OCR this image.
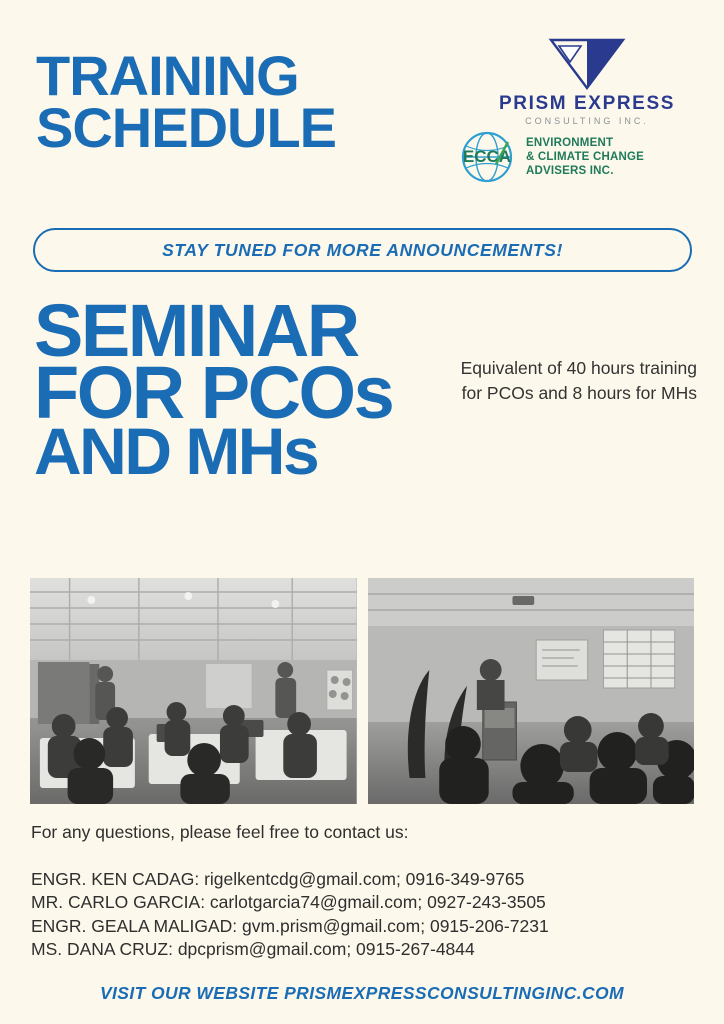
TRAINING
SCHEDULE	PRISM EXPRESS
CONSULTING INC.
ECCA
ENVIRONMENT
& CLIMATE CHANGE
ADVISERS INC.
STAY TUNED FOR MORE ANNOUNCEMENTS!
SEMINAR
FOR PCOs
AND MHs
Equivalent of 40 hours training for PCOs and 8 hours for MHs
For any questions, please feel free to contact us:
ENGR. KEN CADAG: rigelkentcdg@gmail.com; 0916-349-9765
MR. CARLO GARCIA: carlotgarcia74@gmail.com; 0927-243-3505
ENGR. GEALA MALIGAD: gvm.prism@gmail.com; 0915-206-7231
MS. DANA CRUZ: dpcprism@gmail.com; 0915-267-4844
VISIT OUR WEBSITE PRISMEXPRESSCONSULTINGINC.COM
